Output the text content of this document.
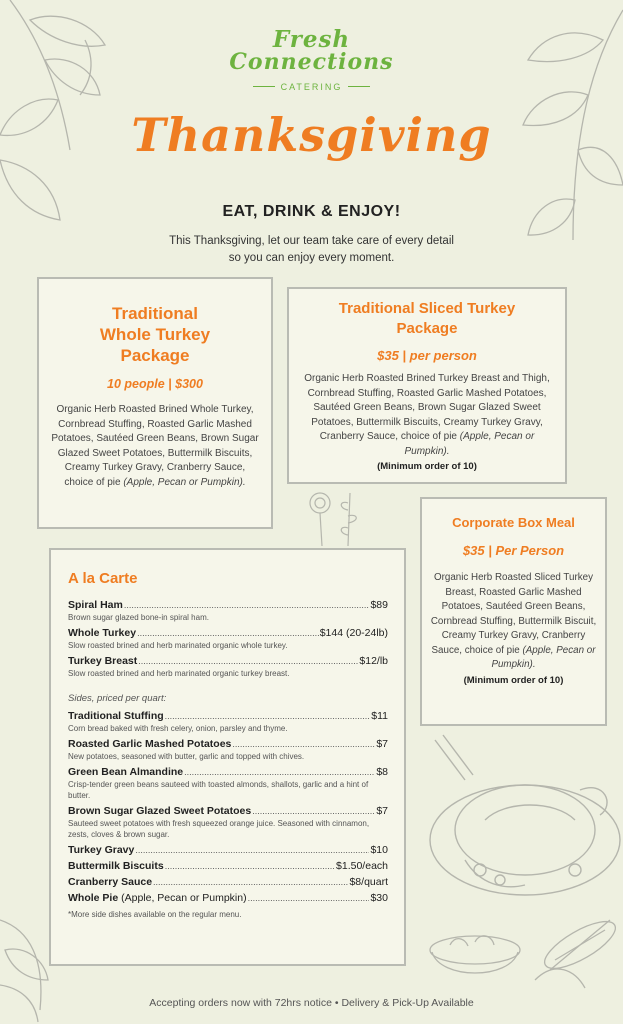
Fresh
Connections
CATERING
Thanksgiving
EAT, DRINK & ENJOY!
This Thanksgiving, let our team take care of every detail
so you can enjoy every moment.
Traditional
Whole Turkey
Package
10 people | $300

Organic Herb Roasted Brined Whole Turkey, Cornbread Stuffing, Roasted Garlic Mashed Potatoes, Sautéed Green Beans, Brown Sugar Glazed Sweet Potatoes, Buttermilk Biscuits, Creamy Turkey Gravy, Cranberry Sauce, choice of pie (Apple, Pecan or Pumpkin).

Traditional Sliced Turkey
Package
$35 | per person

Organic Herb Roasted Brined Turkey Breast and Thigh, Cornbread Stuffing, Roasted Garlic Mashed Potatoes, Sautéed Green Beans, Brown Sugar Glazed Sweet Potatoes, Buttermilk Biscuits, Creamy Turkey Gravy, Cranberry Sauce, choice of pie (Apple, Pecan or Pumpkin).

(Minimum order of 10)
Corporate Box Meal
$35 | Per Person

Organic Herb Roasted Sliced Turkey Breast, Roasted Garlic Mashed Potatoes, Sautéed Green Beans, Cornbread Stuffing, Buttermilk Biscuit, Creamy Turkey Gravy, Cranberry Sauce, choice of pie (Apple, Pecan or Pumpkin).

(Minimum order of 10)
A la Carte
Spiral Ham .....	$89
Brown sugar glazed bone-in spiral ham.
Whole Turkey .....	$144 (20-24lb)
Slow roasted brined and herb marinated organic whole turkey.
Turkey Breast .....	$12/lb
Slow roasted brined and herb marinated organic turkey breast.
Sides, priced per quart:
Traditional Stuffing .....	$11
Corn bread baked with fresh celery, onion, parsley and thyme.
Roasted Garlic Mashed Potatoes .....	$7
New potatoes, seasoned with butter, garlic and topped with chives.
Green Bean Almandine .....	$8
Crisp-tender green beans sauteed with toasted almonds, shallots, garlic and a hint of butter.
Brown Sugar Glazed Sweet Potatoes .....	$7
Sauteed sweet potatoes with fresh squeezed orange juice. Seasoned with cinnamon, zests, cloves & brown sugar.
Turkey Gravy .....	$10
Buttermilk Biscuits .....	$1.50/each
Cranberry Sauce .....	$8/quart
Whole Pie (Apple, Pecan or Pumpkin) .....	$30
*More side dishes available on the regular menu.
Accepting orders now with 72hrs notice • Delivery & Pick-Up Available
